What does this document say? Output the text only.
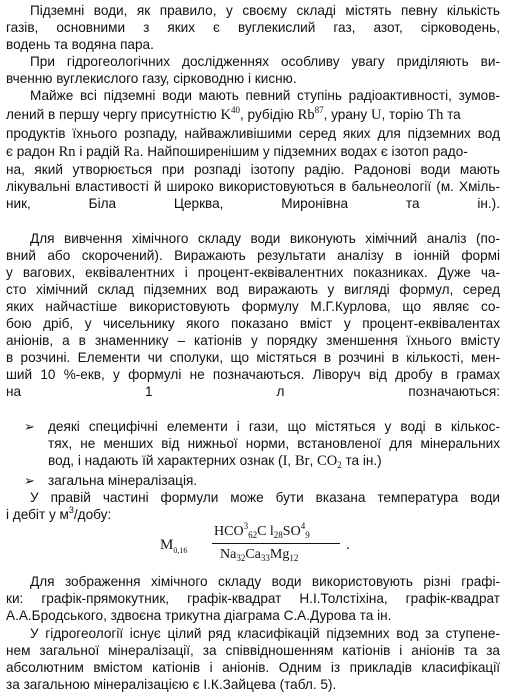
Підземні води, як правило, у своєму складі містять певну кількість
газів, основними з яких є вуглекислий газ, азот, сірководень,
водень та водяна пара.
При гідрогеологічних дослідженнях особливу увагу приділяють ви-
вченню вуглекислого газу, сірководню і кисню.
Майже всі підземні води мають певний ступінь радіоактивності, зумов-
лений в першу чергу присутністю $K^{40}$, рубідію Rb$^{87}$, урану U, торію Th та
продуктів їхнього розпаду, найважливішими серед яких для підземних вод
є радон Rn і радій Ra. Найпоширенішим у підземних водах є ізотоп радо-
на, який утворюється при розпаді ізотопу радію. Радонові води мають
лікувальні властивості й широко використовуються в бальнеології (м. Хміль-
ник, Біла Церква, Миронівна та ін.).
Для вивчення хімічного складу води виконують хімічний аналіз (по-
вний або скорочений). Виражають результати аналізу в іонній формі
у вагових, еквівалентних і процент-еквівалентних показниках. Дуже ча-
сто хімічний склад підземних вод виражають у вигляді формул, серед
яких найчастіше використовують формулу М.Г.Курлова, що являє со-
бою дріб, у чисельнику якого показано вміст у процент-еквівалентах
аніонів, а в знаменнику – катіонів у порядку зменшення їхнього вмісту
в розчині. Елементи чи сполуки, що містяться в розчині в кількості, мен-
ший 10 %-екв, у формулі не позначаються. Ліворуч від дробу в грамах
на 1 л позначаються:
➢ деякі специфічні елементи і гази, що містяться у воді в кількос-
тях, не менших від нижньої норми, встановленої для мінеральних
вод, і надають їй характерних ознак (I, Br, $CO_2$ та ін.)
➢ загальна мінералізація.
У правій частині формули може бути вказана температура води
і дебіт у $м^3$/добу:
$M_{0,16}$
$HCO^3_{62}C$ $l_{28}SO^4_9$
$Na_{32}Ca_{33}Mg_{12}$
.
Для зображення хімічного складу води використовують різні графі-
ки: графік-прямокутник, графік-квадрат Н.І.Толстіхіна, графік-квадрат
А.А.Бродського, здвоєна трикутна діаграма С.А.Дурова та ін.
У гідрогеології існує цілий ряд класифікацій підземних вод за ступене-
нем загальної мінералізації, за співвідношенням катіонів і аніонів та за
абсолютним вмістом катіонів і аніонів. Одним із прикладів класифікації
за загальною мінералізацією є І.К.Зайцева (табл. 5).
